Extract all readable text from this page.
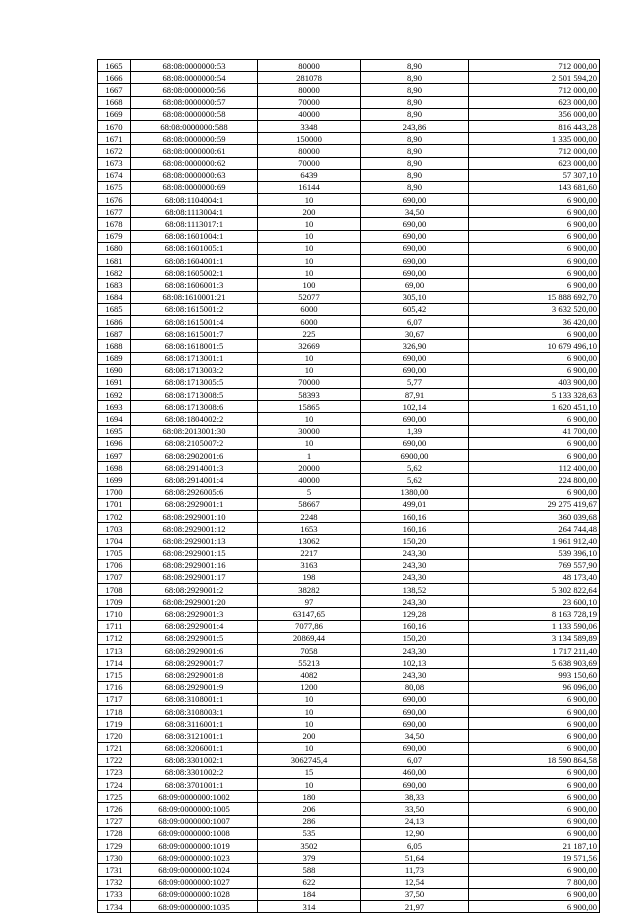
1665	68:08:0000000:53	80000	8,90	712 000,00
1666	68:08:0000000:54	281078	8,90	2 501 594,20
1667	68:08:0000000:56	80000	8,90	712 000,00
1668	68:08:0000000:57	70000	8,90	623 000,00
1669	68:08:0000000:58	40000	8,90	356 000,00
1670	68:08:0000000:588	3348	243,86	816 443,28
1671	68:08:0000000:59	150000	8,90	1 335 000,00
1672	68:08:0000000:61	80000	8,90	712 000,00
1673	68:08:0000000:62	70000	8,90	623 000,00
1674	68:08:0000000:63	6439	8,90	57 307,10
1675	68:08:0000000:69	16144	8,90	143 681,60
1676	68:08:1104004:1	10	690,00	6 900,00
1677	68:08:1113004:1	200	34,50	6 900,00
1678	68:08:1113017:1	10	690,00	6 900,00
1679	68:08:1601004:1	10	690,00	6 900,00
1680	68:08:1601005:1	10	690,00	6 900,00
1681	68:08:1604001:1	10	690,00	6 900,00
1682	68:08:1605002:1	10	690,00	6 900,00
1683	68:08:1606001:3	100	69,00	6 900,00
1684	68:08:1610001:21	52077	305,10	15 888 692,70
1685	68:08:1615001:2	6000	605,42	3 632 520,00
1686	68:08:1615001:4	6000	6,07	36 420,00
1687	68:08:1615001:7	225	30,67	6 900,00
1688	68:08:1618001:5	32669	326,90	10 679 496,10
1689	68:08:1713001:1	10	690,00	6 900,00
1690	68:08:1713003:2	10	690,00	6 900,00
1691	68:08:1713005:5	70000	5,77	403 900,00
1692	68:08:1713008:5	58393	87,91	5 133 328,63
1693	68:08:1713008:6	15865	102,14	1 620 451,10
1694	68:08:1804002:2	10	690,00	6 900,00
1695	68:08:2013001:30	30000	1,39	41 700,00
1696	68:08:2105007:2	10	690,00	6 900,00
1697	68:08:2902001:6	1	6900,00	6 900,00
1698	68:08:2914001:3	20000	5,62	112 400,00
1699	68:08:2914001:4	40000	5,62	224 800,00
1700	68:08:2926005:6	5	1380,00	6 900,00
1701	68:08:2929001:1	58667	499,01	29 275 419,67
1702	68:08:2929001:10	2248	160,16	360 039,68
1703	68:08:2929001:12	1653	160,16	264 744,48
1704	68:08:2929001:13	13062	150,20	1 961 912,40
1705	68:08:2929001:15	2217	243,30	539 396,10
1706	68:08:2929001:16	3163	243,30	769 557,90
1707	68:08:2929001:17	198	243,30	48 173,40
1708	68:08:2929001:2	38282	138,52	5 302 822,64
1709	68:08:2929001:20	97	243,30	23 600,10
1710	68:08:2929001:3	63147,65	129,28	8 163 728,19
1711	68:08:2929001:4	7077,86	160,16	1 133 590,06
1712	68:08:2929001:5	20869,44	150,20	3 134 589,89
1713	68:08:2929001:6	7058	243,30	1 717 211,40
1714	68:08:2929001:7	55213	102,13	5 638 903,69
1715	68:08:2929001:8	4082	243,30	993 150,60
1716	68:08:2929001:9	1200	80,08	96 096,00
1717	68:08:3108001:1	10	690,00	6 900,00
1718	68:08:3108003:1	10	690,00	6 900,00
1719	68:08:3116001:1	10	690,00	6 900,00
1720	68:08:3121001:1	200	34,50	6 900,00
1721	68:08:3206001:1	10	690,00	6 900,00
1722	68:08:3301002:1	3062745,4	6,07	18 590 864,58
1723	68:08:3301002:2	15	460,00	6 900,00
1724	68:08:3701001:1	10	690,00	6 900,00
1725	68:09:0000000:1002	180	38,33	6 900,00
1726	68:09:0000000:1005	206	33,50	6 900,00
1727	68:09:0000000:1007	286	24,13	6 900,00
1728	68:09:0000000:1008	535	12,90	6 900,00
1729	68:09:0000000:1019	3502	6,05	21 187,10
1730	68:09:0000000:1023	379	51,64	19 571,56
1731	68:09:0000000:1024	588	11,73	6 900,00
1732	68:09:0000000:1027	622	12,54	7 800,00
1733	68:09:0000000:1028	184	37,50	6 900,00
1734	68:09:0000000:1035	314	21,97	6 900,00
